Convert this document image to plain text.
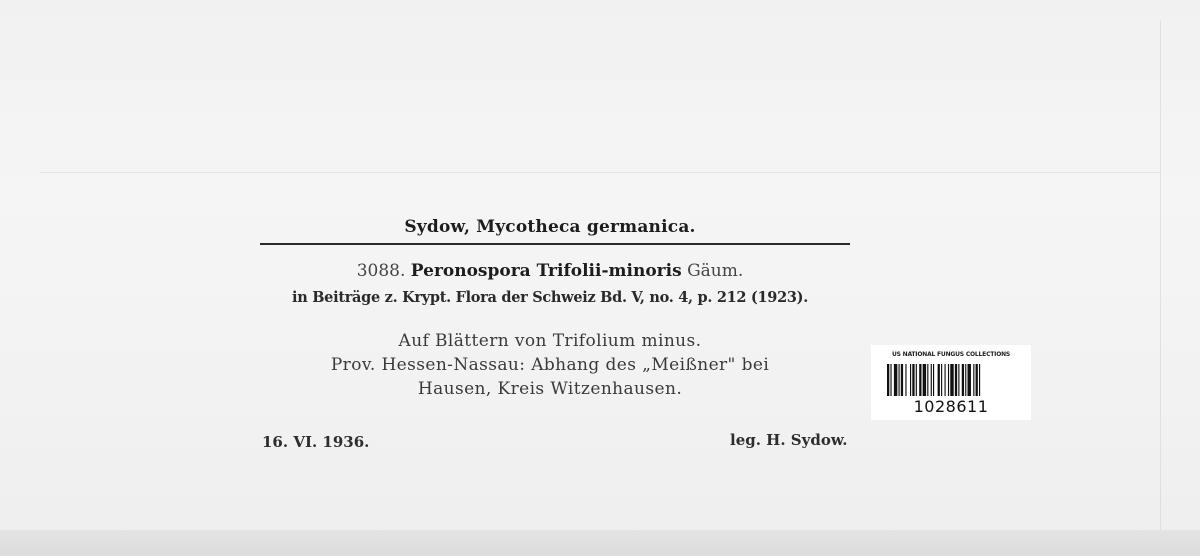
Sydow, Mycotheca germanica.
3088. Peronospora Trifolii-minoris Gäum.
in Beiträge z. Krypt. Flora der Schweiz Bd. V, no. 4, p. 212 (1923).
Auf Blättern von Trifolium minus.
Prov. Hessen-Nassau: Abhang des „Meißner" bei
Hausen, Kreis Witzenhausen.
16. VI. 1936.	leg. H. Sydow.
US NATIONAL FUNGUS COLLECTIONS
1028611
